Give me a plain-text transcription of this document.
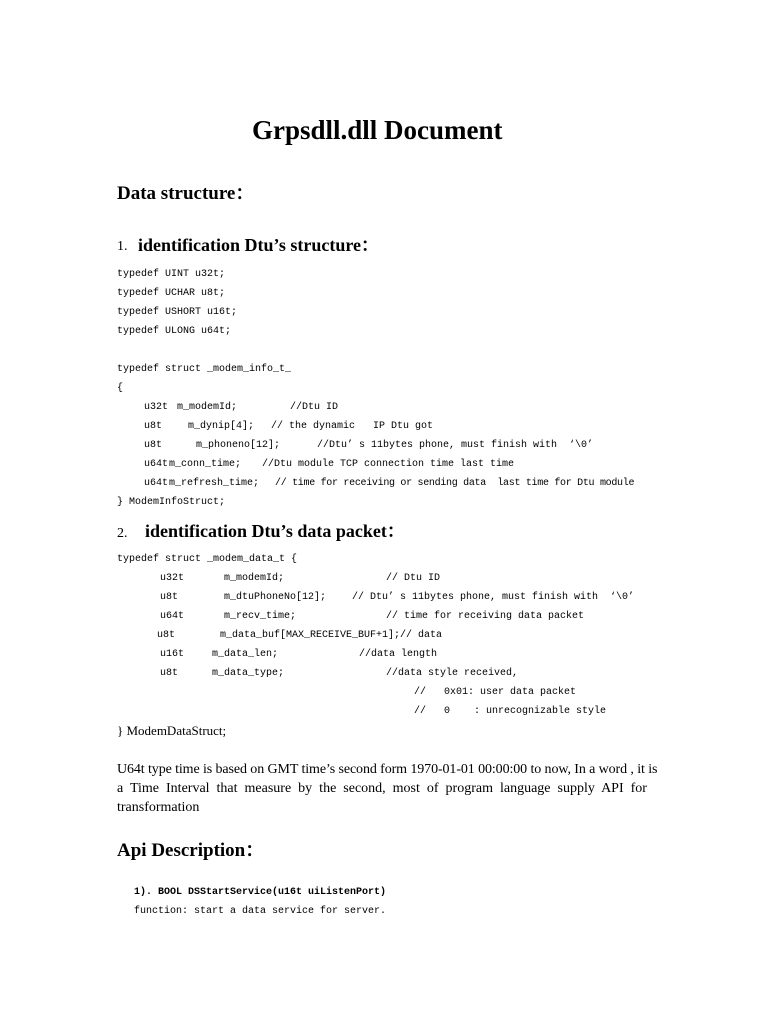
Grpsdll.dll Document
Data structure：
1. identification Dtu’s structure：
typedef UINT u32t;
typedef UCHAR u8t;
typedef USHORT u16t;
typedef ULONG u64t;
typedef struct _modem_info_t_
{
u32t m_modemId;	//Dtu ID
u8t	m_dynip[4]; // the dynamic   IP Dtu got
u8t	m_phoneno[12];	//Dtu’ s 11bytes phone, must finish with  ‘\0’
u64t m_conn_time; //Dtu module TCP connection time last time
u64t m_refresh_time; // time for receiving or sending data  last time for Dtu module
} ModemInfoStruct;
2. identification Dtu’s data packet：
typedef struct _modem_data_t {
u32t	m_modemId;	// Dtu ID
u8t	m_dtuPhoneNo[12];	// Dtu’ s 11bytes phone, must finish with  ‘\0’
u64t	m_recv_time;	// time for receiving data packet
u8t	m_data_buf[MAX_RECEIVE_BUF+1];// data
u16t	m_data_len;	//data length
u8t	m_data_type;	//data style received,
//   0x01: user data packet
//   0    : unrecognizable style
} ModemDataStruct;
U64t type time is based on GMT time’s second form 1970-01-01 00:00:00 to now, In a word , it is
a  Time  Interval  that  measure  by  the  second,  most  of  program  language  supply  API  for
transformation
Api Description：
1). BOOL DSStartService(u16t uiListenPort)
function: start a data service for server.
